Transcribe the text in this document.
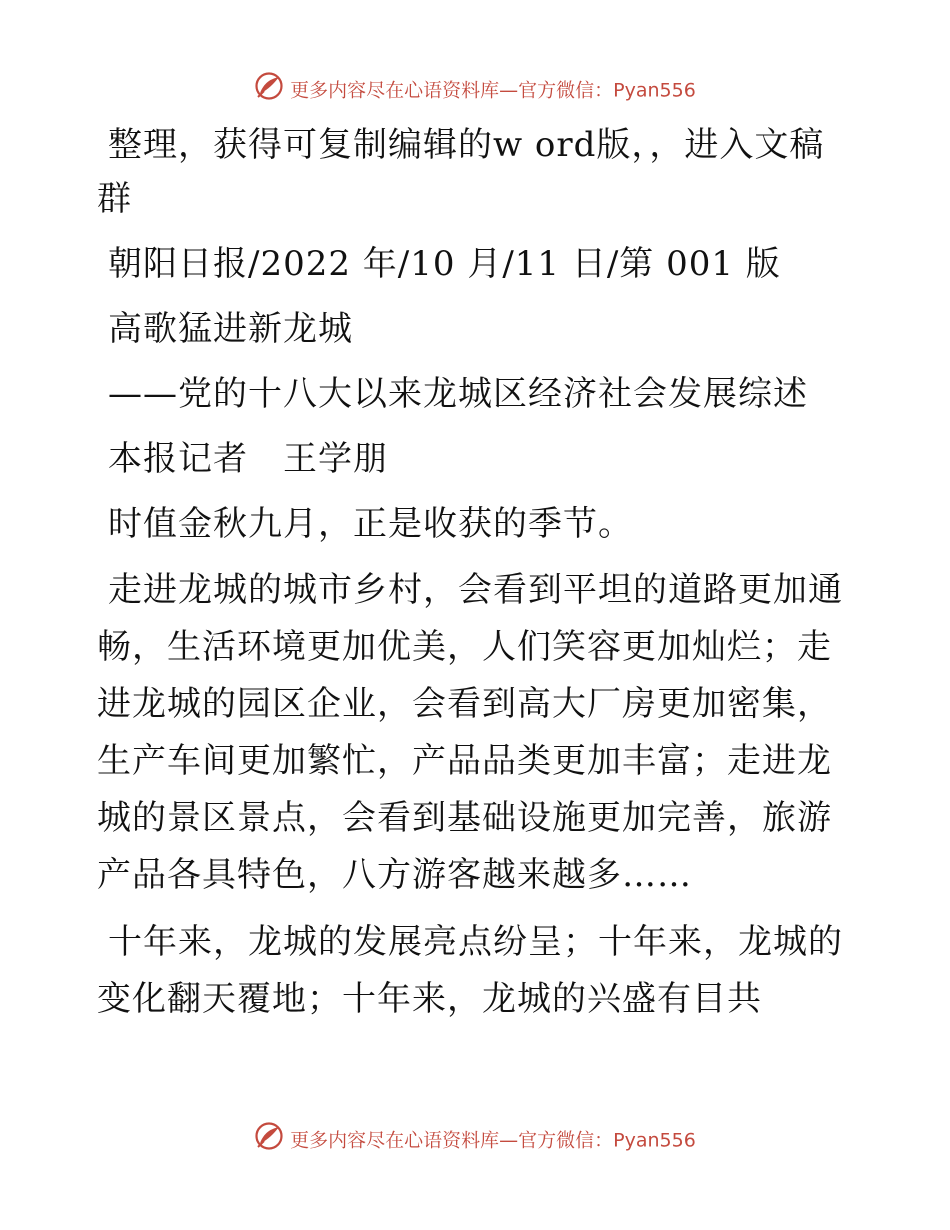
更多内容尽在心语资料库—官方微信：Pyan556

整理，获得可复制编辑的w ord版，，进入文稿群

朝阳日报/2022 年/10 月/11 日/第 001 版

高歌猛进新龙城

——党的十八大以来龙城区经济社会发展综述

本报记者　王学朋

时值金秋九月，正是收获的季节。

走进龙城的城市乡村，会看到平坦的道路更加通畅，生活环境更加优美，人们笑容更加灿烂；走进龙城的园区企业，会看到高大厂房更加密集，生产车间更加繁忙，产品品类更加丰富；走进龙城的景区景点，会看到基础设施更加完善，旅游产品各具特色，八方游客越来越多……

十年来，龙城的发展亮点纷呈；十年来，龙城的变化翻天覆地；十年来，龙城的兴盛有目共

更多内容尽在心语资料库—官方微信：Pyan556
